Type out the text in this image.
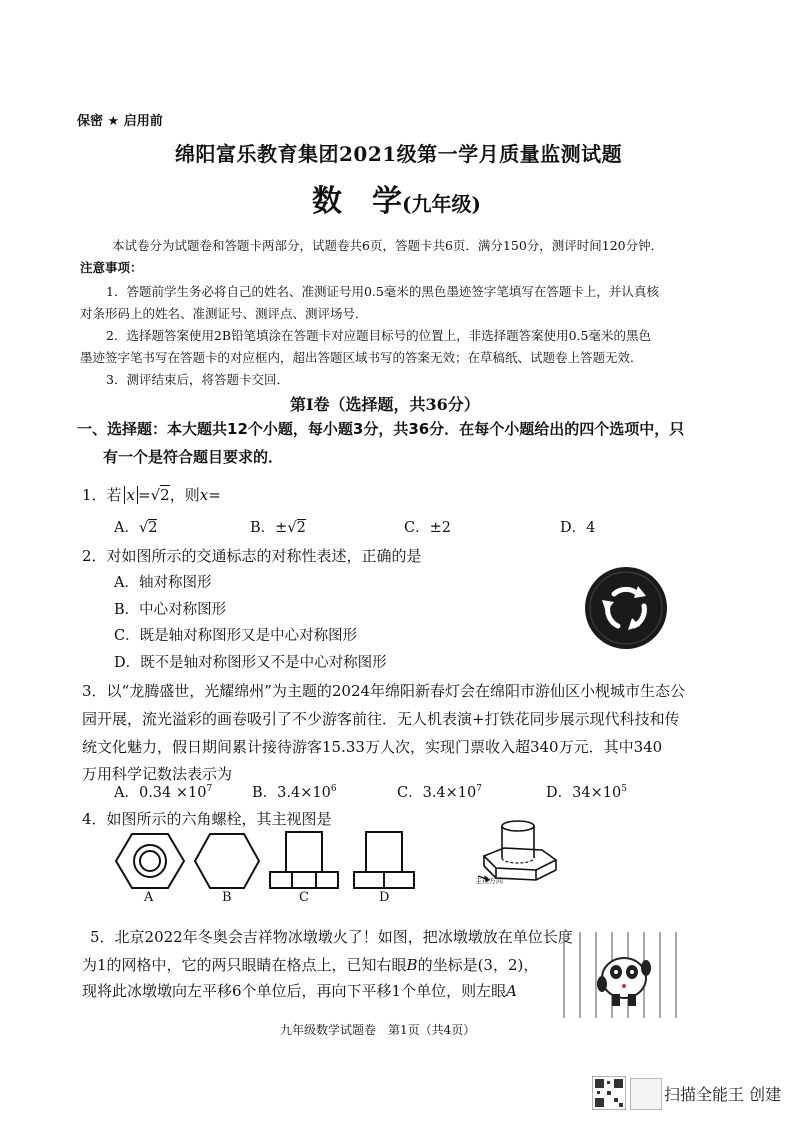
保密 ★ 启用前
绵阳富乐教育集团2021级第一学月质量监测试题
数　学(九年级)
本试卷分为试题卷和答题卡两部分，试题卷共6页，答题卡共6页．满分150分，测评时间120分钟．
注意事项：
1．答题前学生务必将自己的姓名、准测证号用0.5毫米的黑色墨迹签字笔填写在答题卡上，并认真核
对条形码上的姓名、准测证号、测评点、测评场号．
2．选择题答案使用2B铅笔填涂在答题卡对应题目标号的位置上，非选择题答案使用0.5毫米的黑色
墨迹签字笔书写在答题卡的对应框内，超出答题区域书写的答案无效；在草稿纸、试题卷上答题无效．
3．测评结束后，将答题卡交回．
第Ⅰ卷（选择题，共36分）
一、选择题：本大题共12个小题，每小题3分，共36分．在每个小题给出的四个选项中，只
有一个是符合题目要求的．
1．若 x =√2，则x=
A．√2	B．±√2	C．±2	D．4
2．对如图所示的交通标志的对称性表述，正确的是
A．轴对称图形
B．中心对称图形
C．既是轴对称图形又是中心对称图形
D．既不是轴对称图形又不是中心对称图形
3．以“龙腾盛世，光耀绵州”为主题的2024年绵阳新春灯会在绵阳市游仙区小枧城市生态公
园开展，流光溢彩的画卷吸引了不少游客前往．无人机表演+打铁花同步展示现代科技和传
统文化魅力，假日期间累计接待游客15.33万人次，实现门票收入超340万元．其中340
万用科学记数法表示为
A．$0.34 \times 10^7$	B．$3.4\times 10^6$	C．$3.4\times 10^7$	D．$34\times 10^5$
4．如图所示的六角螺栓，其主视图是
主视方向
A	B	C	D
5．北京2022年冬奥会吉祥物冰墩墩火了！如图，把冰墩墩放在单位长度
为1的网格中，它的两只眼睛在格点上，已知右眼B的坐标是(3，2)，
现将此冰墩墩向左平移6个单位后，再向下平移1个单位，则左眼A
九年级数学试题卷　第1页（共4页）
扫描全能王 创建
